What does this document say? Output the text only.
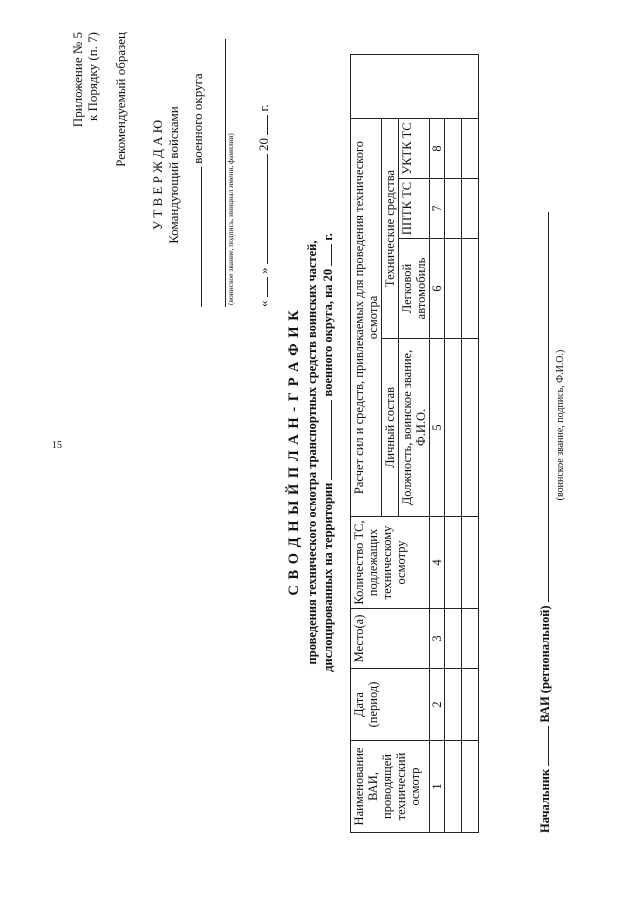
15
Приложение № 5 к Порядку (п. 7) Рекомендуемый образец
У Т В Е Р Ж Д А Ю Командующий войсками военного округа
(воинское звание, подпись, инициал имени, фамилия) «  »  20  г.
С В О Д Н Ы Й П Л А Н - Г Р А Ф И К проведения технического осмотра транспортных средств воинских частей, дислоцированных на территории  военного округа, на 20  г.
Наименование ВАИ, проводящей технический осмотр	Дата (период)	Место(а)	Количество ТС, подлежащих техническому осмотру	Расчет сил и средств, привлекаемых для проведения технического осмотра				
				Личный состав	Технические средства			
				Должность, воинское звание, Ф.И.О.	Легковой автомобиль	ППТК ТС	УКТК ТС	
1	2	3	4	5	6	7	8	

Начальник  ВАИ (региональной)
(воинское звание, подпись, Ф.И.О.)
